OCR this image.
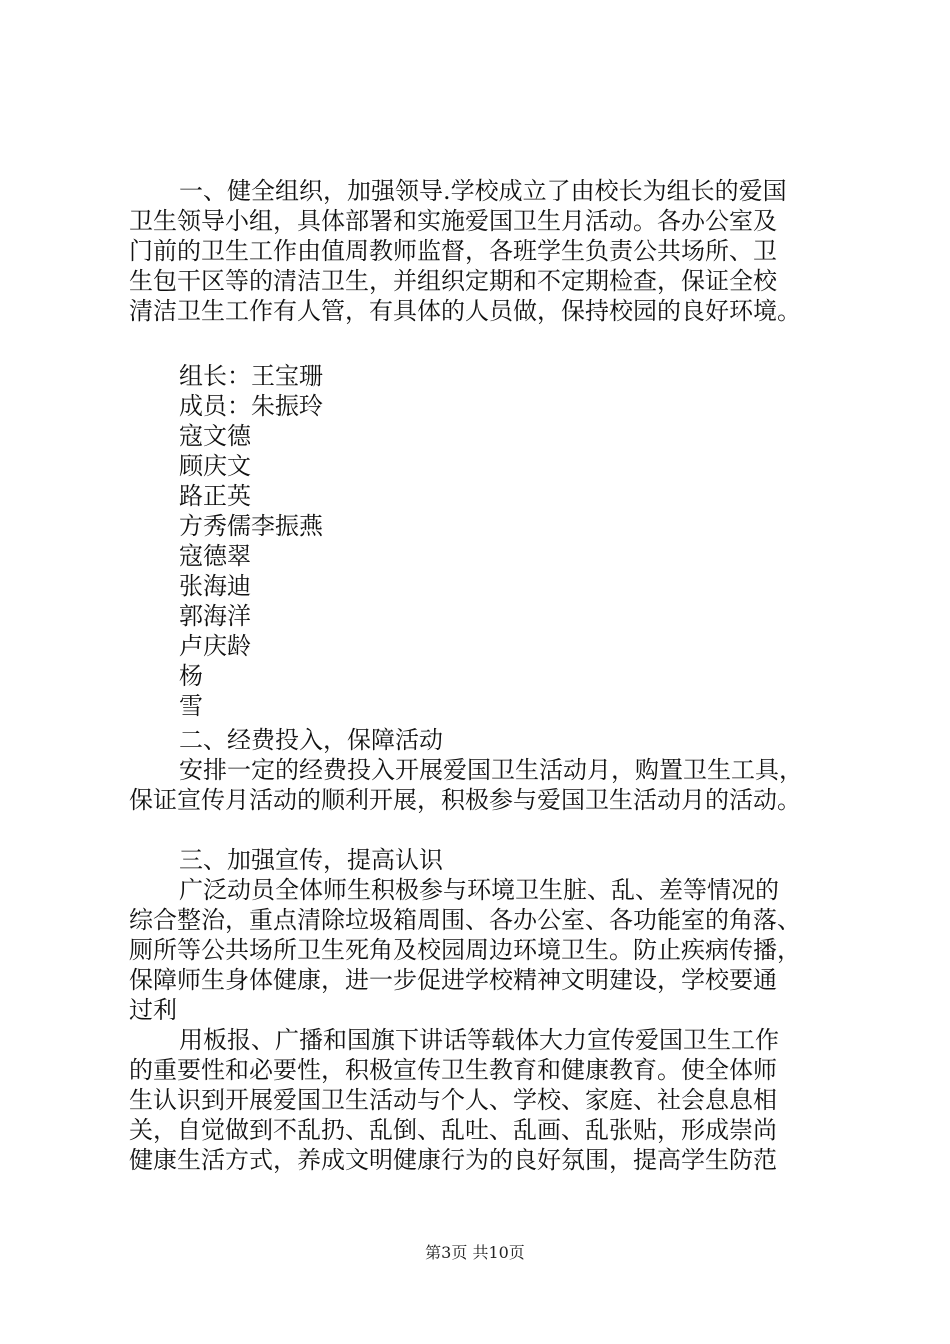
一、健全组织，加强领导.学校成立了由校长为组长的爱国
卫生领导小组，具体部署和实施爱国卫生月活动。各办公室及
门前的卫生工作由值周教师监督，各班学生负责公共场所、卫
生包干区等的清洁卫生，并组织定期和不定期检查，保证全校
清洁卫生工作有人管，有具体的人员做，保持校园的良好环境。
组长：王宝珊
成员：朱振玲
寇文德
顾庆文
路正英
方秀儒李振燕
寇德翠
张海迪
郭海洋
卢庆龄
杨
雪
二、经费投入，保障活动
安排一定的经费投入开展爱国卫生活动月，购置卫生工具，
保证宣传月活动的顺利开展，积极参与爱国卫生活动月的活动。
三、加强宣传，提高认识
广泛动员全体师生积极参与环境卫生脏、乱、差等情况的
综合整治，重点清除垃圾箱周围、各办公室、各功能室的角落、
厕所等公共场所卫生死角及校园周边环境卫生。防止疾病传播，
保障师生身体健康，进一步促进学校精神文明建设，学校要通
过利
用板报、广播和国旗下讲话等载体大力宣传爱国卫生工作
的重要性和必要性，积极宣传卫生教育和健康教育。使全体师
生认识到开展爱国卫生活动与个人、学校、家庭、社会息息相
关，自觉做到不乱扔、乱倒、乱吐、乱画、乱张贴，形成崇尚
健康生活方式，养成文明健康行为的良好氛围，提高学生防范
第3页 共10页
